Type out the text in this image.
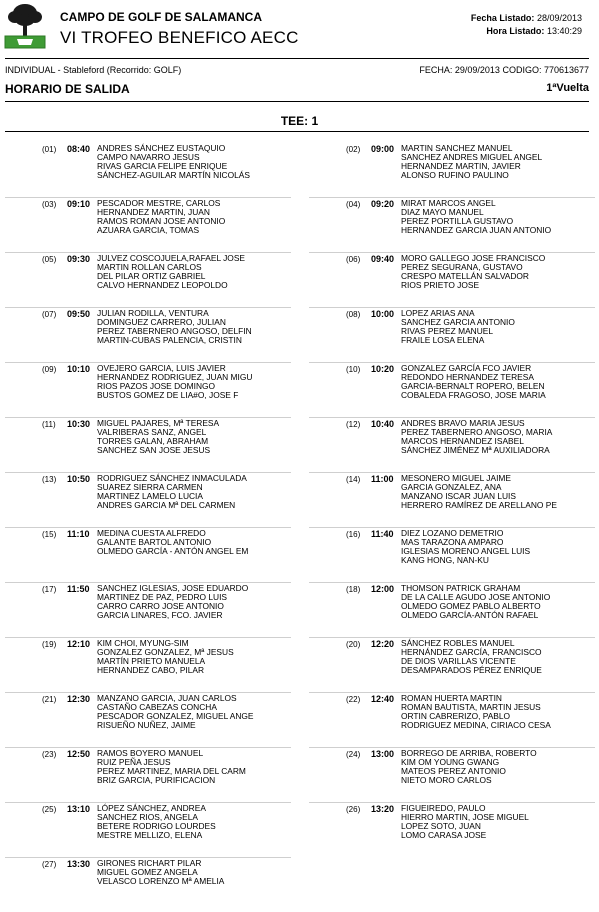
CAMPO DE GOLF DE SALAMANCA
VI TROFEO BENEFICO AECC
Fecha Listado: 28/09/2013
Hora Listado: 13:40:29
INDIVIDUAL - Stableford (Recorrido: GOLF)	FECHA: 29/09/2013 CODIGO: 770613677
HORARIO DE SALIDA	1ªVuelta
TEE: 1
(01) 08:40 ANDRES SÁNCHEZ EUSTAQUIO
CAMPO NAVARRO JESUS
RIVAS GARCIA FELIPE ENRIQUE
SÁNCHEZ-AGUILAR MARTÍN NICOLÁS
(03) 09:10 PESCADOR MESTRE, CARLOS
HERNANDEZ MARTIN, JUAN
RAMOS ROMAN JOSE ANTONIO
AZUARA GARCIA, TOMAS
(05) 09:30 JULVEZ COSCOJUELA,RAFAEL JOSE
MARTIN ROLLAN CARLOS
DEL PILAR ORTIZ GABRIEL
CALVO HERNANDEZ LEOPOLDO
(07) 09:50 JULIAN RODILLA, VENTURA
DOMINGUEZ CARRERO, JULIAN
PEREZ TABERNERO ANGOSO, DELFIN
MARTIN-CUBAS PALENCIA, CRISTIN
(09) 10:10 OVEJERO GARCIA, LUIS JAVIER
HERNANDEZ RODRIGUEZ, JUAN MIGU
RIOS PAZOS JOSE DOMINGO
BUSTOS GOMEZ DE LIA#O, JOSE F
(11) 10:30 MIGUEL PAJARES, Mª TERESA
VALRIBERAS SANZ, ANGEL
TORRES GALAN, ABRAHAM
SANCHEZ SAN JOSE JESUS
(13) 10:50 RODRIGUEZ SÁNCHEZ INMACULADA
SUAREZ SIERRA CARMEN
MARTINEZ LAMELO LUCIA
ANDRES GARCIA Mª DEL CARMEN
(15) 11:10 MEDINA CUESTA ALFREDO
GALANTE BARTOL ANTONIO
OLMEDO GARCÍA - ANTÓN ANGEL EM
(17) 11:50 SANCHEZ IGLESIAS, JOSE EDUARDO
MARTINEZ DE PAZ, PEDRO LUIS
CARRO CARRO JOSE ANTONIO
GARCIA LINARES, FCO. JAVIER
(19) 12:10 KIM CHOI, MYUNG-SIM
GONZALEZ GONZALEZ, Mª JESUS
MARTÍN PRIETO MANUELA
HERNANDEZ CABO, PILAR
(21) 12:30 MANZANO GARCIA, JUAN CARLOS
CASTAÑO CABEZAS CONCHA
PESCADOR GONZALEZ, MIGUEL ANGE
RISUEÑO NUÑEZ, JAIME
(23) 12:50 RAMOS BOYERO MANUEL
RUIZ PEÑA JESUS
PEREZ MARTINEZ, MARIA DEL CARM
BRIZ GARCIA, PURIFICACION
(25) 13:10 LÓPEZ SÁNCHEZ, ANDREA
SANCHEZ RIOS, ANGELA
BETERE RODRIGO LOURDES
MESTRE MELLIZO, ELENA
(27) 13:30 GIRONES RICHART PILAR
MIGUEL GOMEZ ANGELA
VELASCO LORENZO Mª AMELIA
(02) 09:00 MARTIN SANCHEZ MANUEL
SANCHEZ ANDRES MIGUEL ANGEL
HERNANDEZ MARTIN, JAVIER
ALONSO RUFINO PAULINO
(04) 09:20 MIRAT MARCOS ANGEL
DIAZ MAYO MANUEL
PEREZ PORTILLA GUSTAVO
HERNANDEZ GARCIA JUAN ANTONIO
(06) 09:40 MORO GALLEGO JOSE FRANCISCO
PEREZ SEGURANA, GUSTAVO
CRESPO MATELLÁN SALVADOR
RIOS PRIETO JOSE
(08) 10:00 LOPEZ ARIAS ANA
SANCHEZ GARCIA ANTONIO
RIVAS PEREZ MANUEL
FRAILE LOSA ELENA
(10) 10:20 GONZALEZ GARCÍA FCO JAVIER
REDONDO HERNANDEZ TERESA
GARCIA-BERNALT ROPERO, BELEN
COBALEDA FRAGOSO, JOSE MARIA
(12) 10:40 ANDRES BRAVO MARIA JESUS
PEREZ TABERNERO ANGOSO, MARIA
MARCOS HERNANDEZ ISABEL
SÁNCHEZ JIMÉNEZ Mª AUXILIADORA
(14) 11:00 MESONERO MIGUEL JAIME
GARCIA GONZALEZ, ANA
MANZANO ISCAR JUAN LUIS
HERRERO RAMÍREZ DE ARELLANO PE
(16) 11:40 DIEZ LOZANO DEMETRIO
MAS TARAZONA AMPARO
IGLESIAS MORENO ANGEL LUIS
KANG HONG, NAN-KU
(18) 12:00 THOMSON PATRICK GRAHAM
DE LA CALLE AGUDO JOSE ANTONIO
OLMEDO GOMEZ PABLO ALBERTO
OLMEDO GARCÍA-ANTÓN RAFAEL
(20) 12:20 SÁNCHEZ ROBLES MANUEL
HERNÁNDEZ GARCÍA, FRANCISCO
DE DIOS VARILLAS VICENTE
DESAMPARADOS PÉREZ ENRIQUE
(22) 12:40 ROMAN HUERTA MARTIN
ROMAN BAUTISTA, MARTIN JESUS
ORTIN CABRERIZO, PABLO
RODRIGUEZ MEDINA, CIRIACO CESA
(24) 13:00 BORREGO DE ARRIBA, ROBERTO
KIM OM YOUNG GWANG
MATEOS PEREZ ANTONIO
NIETO MORO CARLOS
(26) 13:20 FIGUEIREDO, PAULO
HIERRO MARTIN, JOSE MIGUEL
LOPEZ SOTO, JUAN
LOMO CARASA JOSE
